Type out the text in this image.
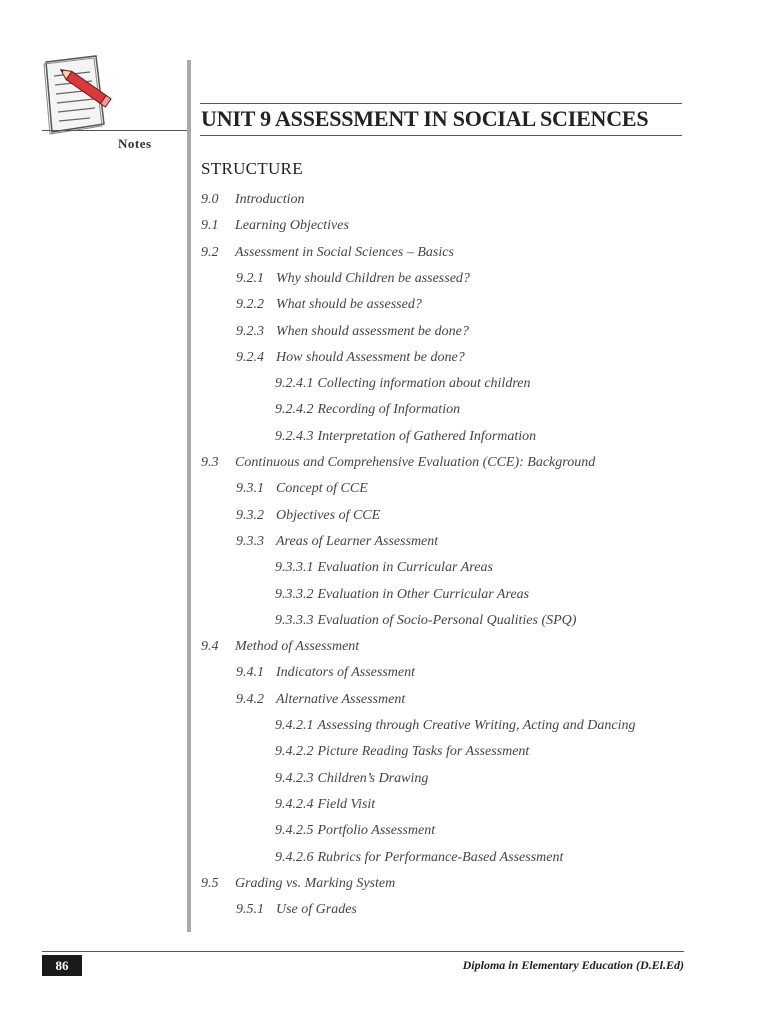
Notes
UNIT 9 ASSESSMENT IN SOCIAL SCIENCES
STRUCTURE
9.0 Introduction
9.1 Learning Objectives
9.2 Assessment in Social Sciences – Basics
9.2.1 Why should Children be assessed?
9.2.2 What should be assessed?
9.2.3 When should assessment be done?
9.2.4 How should Assessment be done?
9.2.4.1 Collecting information about children
9.2.4.2 Recording of Information
9.2.4.3 Interpretation of Gathered Information
9.3 Continuous and Comprehensive Evaluation (CCE): Background
9.3.1 Concept of CCE
9.3.2 Objectives of CCE
9.3.3 Areas of Learner Assessment
9.3.3.1 Evaluation in Curricular Areas
9.3.3.2 Evaluation in Other Curricular Areas
9.3.3.3 Evaluation of Socio-Personal Qualities (SPQ)
9.4 Method of Assessment
9.4.1 Indicators of Assessment
9.4.2 Alternative Assessment
9.4.2.1 Assessing through Creative Writing, Acting and Dancing
9.4.2.2 Picture Reading Tasks for Assessment
9.4.2.3 Children’s Drawing
9.4.2.4 Field Visit
9.4.2.5 Portfolio Assessment
9.4.2.6 Rubrics for Performance-Based Assessment
9.5 Grading vs. Marking System
9.5.1 Use of Grades
86	Diploma in Elementary Education (D.El.Ed)
